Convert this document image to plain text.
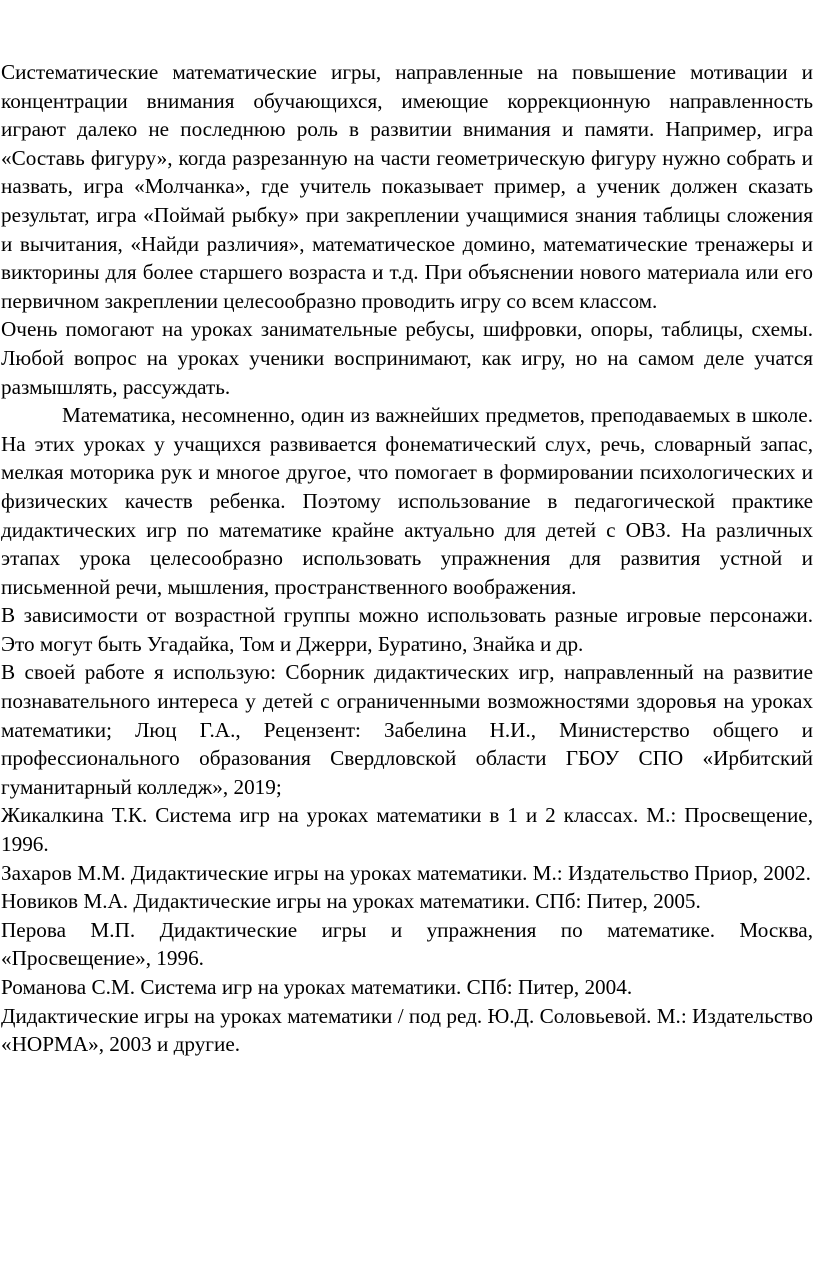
Систематические математические игры, направленные на повышение мотивации и концентрации внимания обучающихся, имеющие коррекционную направленность играют далеко не последнюю роль в развитии внимания и памяти. Например, игра «Составь фигуру», когда разрезанную на части геометрическую фигуру нужно собрать и назвать, игра «Молчанка», где учитель показывает пример, а ученик должен сказать результат, игра «Поймай рыбку» при закреплении учащимися знания таблицы сложения и вычитания, «Найди различия», математическое домино, математические тренажеры и викторины для более старшего возраста и т.д. При объяснении нового материала или его первичном закреплении целесообразно проводить игру со всем классом.

Очень помогают на уроках занимательные ребусы, шифровки, опоры, таблицы, схемы. Любой вопрос на уроках ученики воспринимают, как игру, но на самом деле учатся размышлять, рассуждать.

Математика, несомненно, один из важнейших предметов, преподаваемых в школе. На этих уроках у учащихся развивается фонематический слух, речь, словарный запас, мелкая моторика рук и многое другое, что помогает в формировании психологических и физических качеств ребенка. Поэтому использование в педагогической практике дидактических игр по математике крайне актуально для детей с ОВЗ. На различных этапах урока целесообразно использовать упражнения для развития устной и письменной речи, мышления, пространственного воображения.

В зависимости от возрастной группы можно использовать разные игровые персонажи. Это могут быть Угадайка, Том и Джерри, Буратино, Знайка и др.

В своей работе я использую: Сборник дидактических игр, направленный на развитие познавательного интереса у детей с ограниченными возможностями здоровья на уроках математики; Люц Г.А., Рецензент: Забелина Н.И., Министерство общего и профессионального образования Свердловской области ГБОУ СПО «Ирбитский гуманитарный колледж», 2019;

Жикалкина Т.К. Система игр на уроках математики в 1 и 2 классах. М.: Просвещение, 1996.

Захаров М.М. Дидактические игры на уроках математики. М.: Издательство Приор, 2002.

Новиков М.А. Дидактические игры на уроках математики. СПб: Питер, 2005.

Перова М.П. Дидактические игры и упражнения по математике. Москва, «Просвещение», 1996.

Романова С.М. Система игр на уроках математики. СПб: Питер, 2004.

Дидактические игры на уроках математики / под ред. Ю.Д. Соловьевой. М.: Издательство «НОРМА», 2003 и другие.
